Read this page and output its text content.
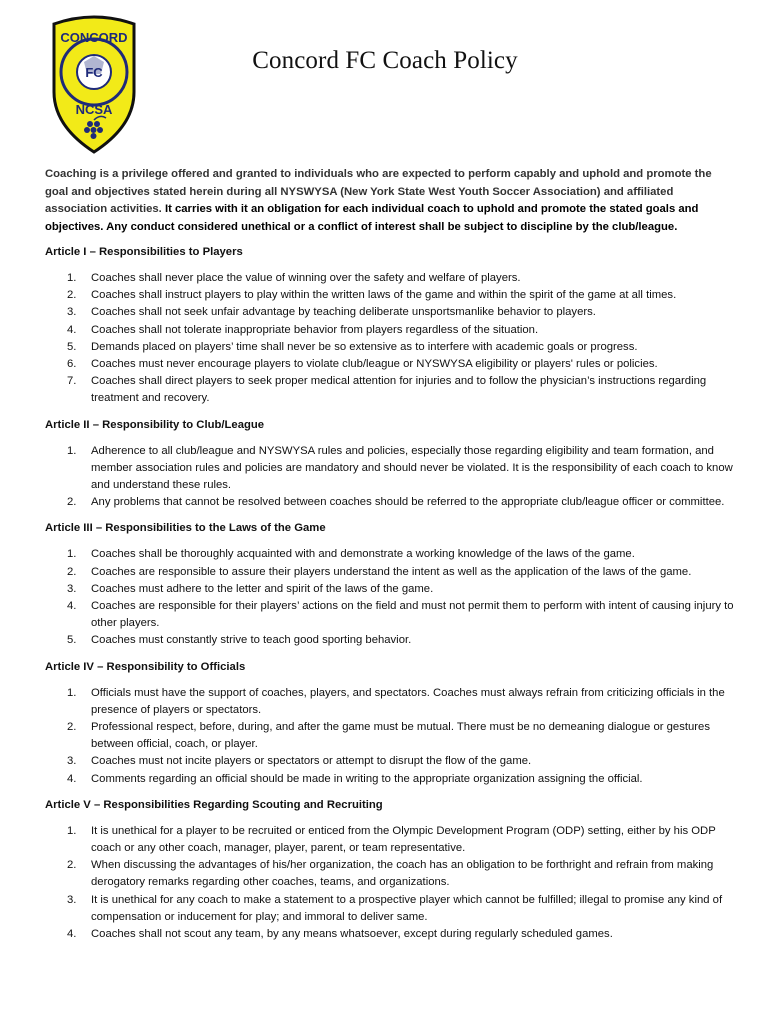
CONCORD
FC
NCSA
Concord FC Coach Policy
Coaching is a privilege offered and granted to individuals who are expected to perform capably and uphold and promote the goal and objectives stated herein during all NYSWYSA (New York State West Youth Soccer Association) and affiliated association activities. It carries with it an obligation for each individual coach to uphold and promote the stated goals and objectives. Any conduct considered unethical or a conflict of interest shall be subject to discipline by the club/league.

Article I – Responsibilities to Players

1. Coaches shall never place the value of winning over the safety and welfare of players.
2. Coaches shall instruct players to play within the written laws of the game and within the spirit of the game at all times.
3. Coaches shall not seek unfair advantage by teaching deliberate unsportsmanlike behavior to players.
4. Coaches shall not tolerate inappropriate behavior from players regardless of the situation.
5. Demands placed on players’ time shall never be so extensive as to interfere with academic goals or progress.
6. Coaches must never encourage players to violate club/league or NYSWYSA eligibility or players' rules or policies.
7. Coaches shall direct players to seek proper medical attention for injuries and to follow the physician’s instructions regarding treatment and recovery.

Article II – Responsibility to Club/League

1. Adherence to all club/league and NYSWYSA rules and policies, especially those regarding eligibility and team formation, and member association rules and policies are mandatory and should never be violated. It is the responsibility of each coach to know and understand these rules.
2. Any problems that cannot be resolved between coaches should be referred to the appropriate club/league officer or committee.

Article III – Responsibilities to the Laws of the Game

1. Coaches shall be thoroughly acquainted with and demonstrate a working knowledge of the laws of the game.
2. Coaches are responsible to assure their players understand the intent as well as the application of the laws of the game.
3. Coaches must adhere to the letter and spirit of the laws of the game.
4. Coaches are responsible for their players’ actions on the field and must not permit them to perform with intent of causing injury to other players.
5. Coaches must constantly strive to teach good sporting behavior.

Article IV – Responsibility to Officials

1. Officials must have the support of coaches, players, and spectators. Coaches must always refrain from criticizing officials in the presence of players or spectators.
2. Professional respect, before, during, and after the game must be mutual. There must be no demeaning dialogue or gestures between official, coach, or player.
3. Coaches must not incite players or spectators or attempt to disrupt the flow of the game.
4. Comments regarding an official should be made in writing to the appropriate organization assigning the official.

Article V – Responsibilities Regarding Scouting and Recruiting

1. It is unethical for a player to be recruited or enticed from the Olympic Development Program (ODP) setting, either by his ODP coach or any other coach, manager, player, parent, or team representative.
2. When discussing the advantages of his/her organization, the coach has an obligation to be forthright and refrain from making derogatory remarks regarding other coaches, teams, and organizations.
3. It is unethical for any coach to make a statement to a prospective player which cannot be fulfilled; illegal to promise any kind of compensation or inducement for play; and immoral to deliver same.
4. Coaches shall not scout any team, by any means whatsoever, except during regularly scheduled games.
